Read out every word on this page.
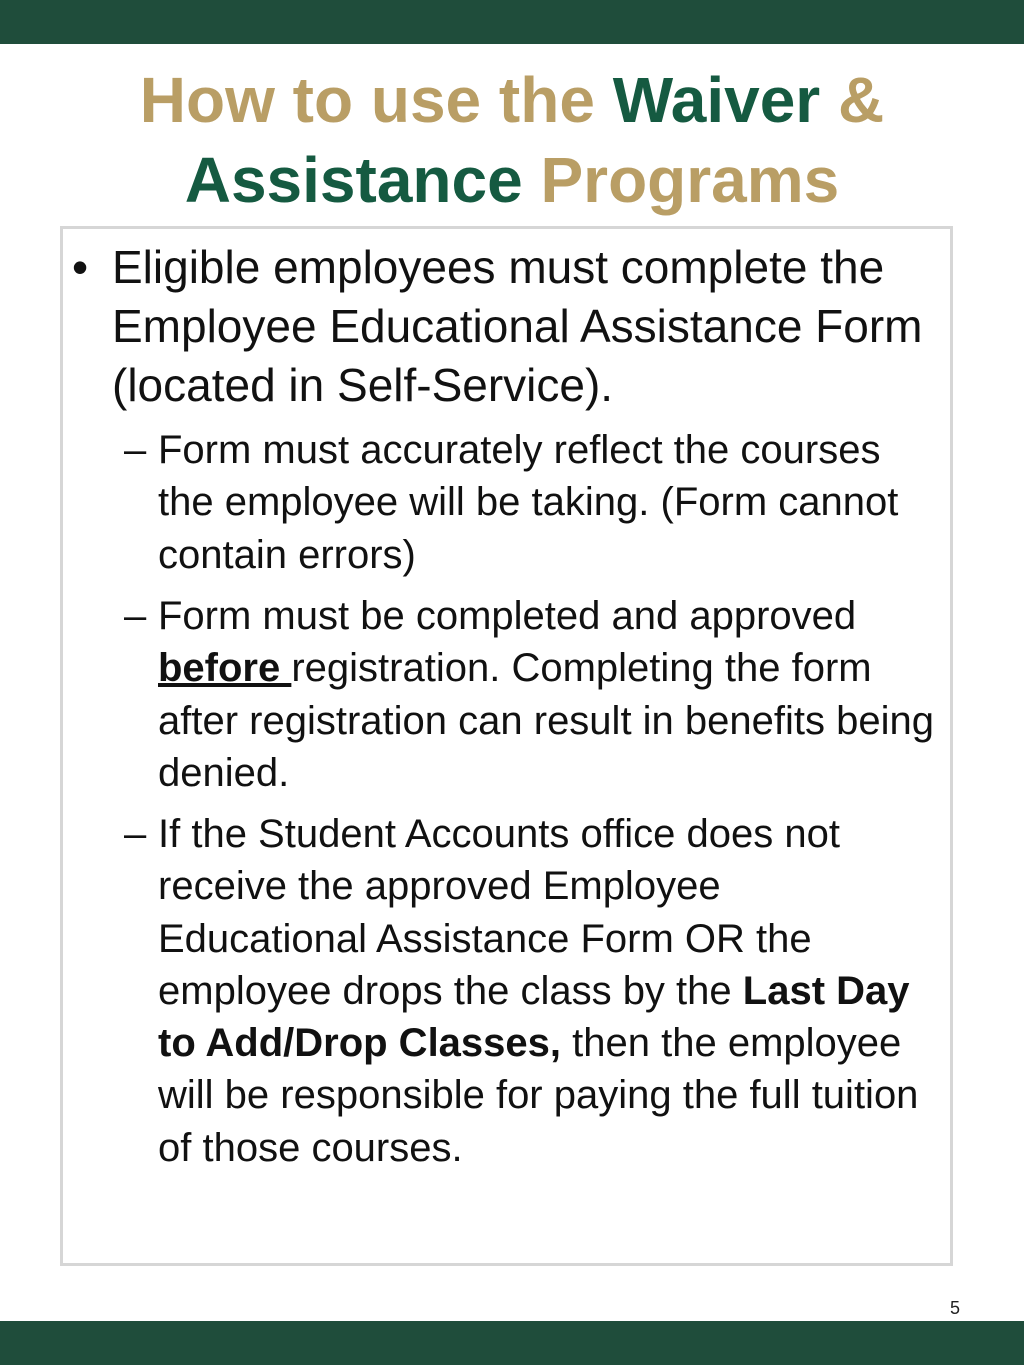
How to use the Waiver &
Assistance Programs
• Eligible employees must complete the Employee Educational Assistance Form (located in Self-Service).

– Form must accurately reflect the courses the employee will be taking. (Form cannot contain errors)

– Form must be completed and approved before registration. Completing the form after registration can result in benefits being denied.

– If the Student Accounts office does not receive the approved Employee Educational Assistance Form OR the employee drops the class by the Last Day to Add/Drop Classes, then the employee will be responsible for paying the full tuition of those courses.

5
